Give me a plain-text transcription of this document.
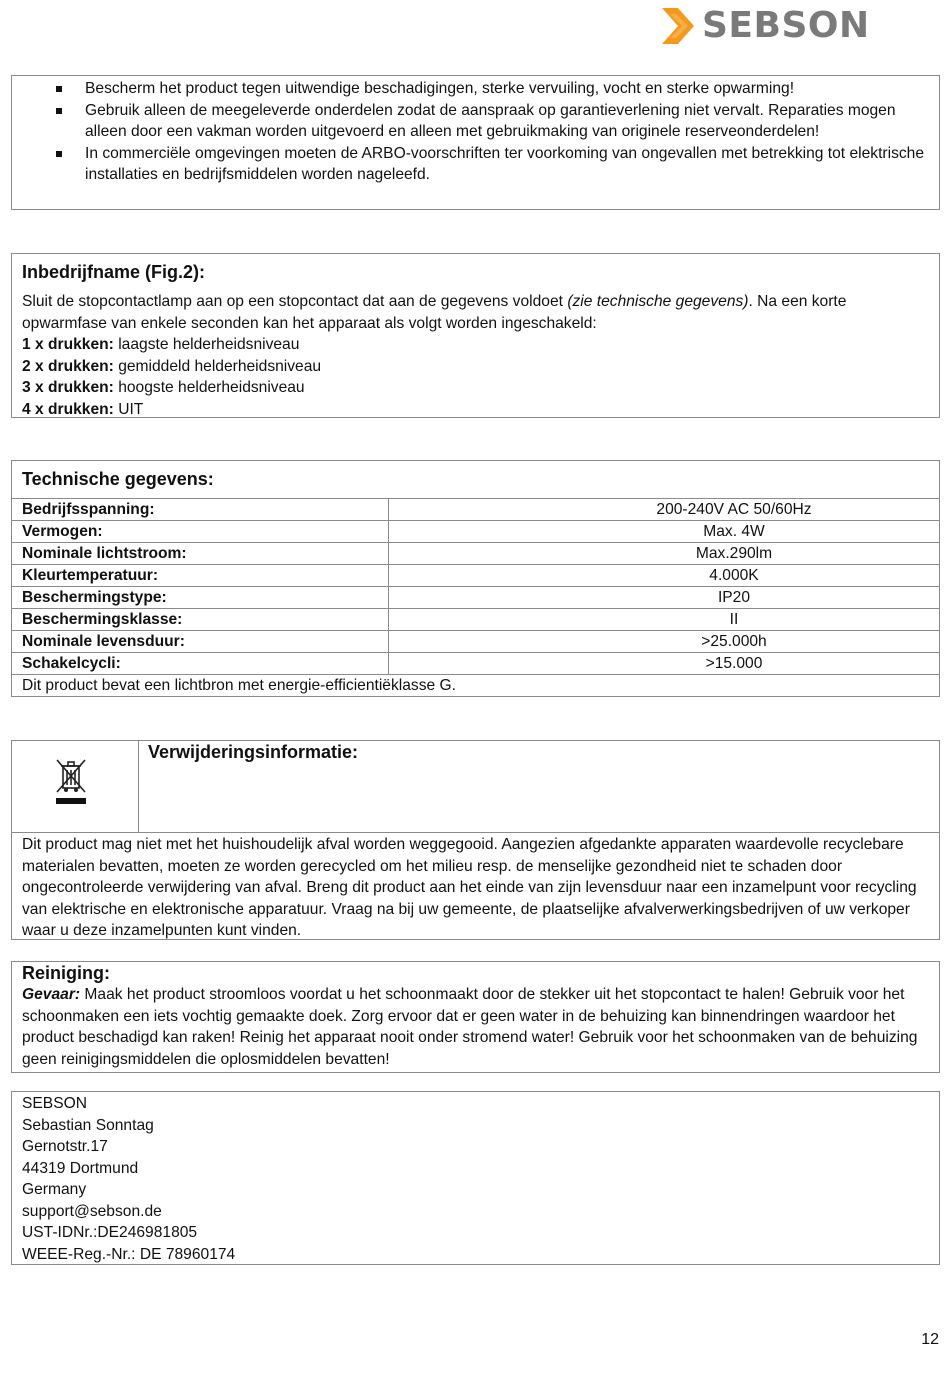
SEBSON
Bescherm het product tegen uitwendige beschadigingen, sterke vervuiling, vocht en sterke opwarming!
Gebruik alleen de meegeleverde onderdelen zodat de aanspraak op garantieverlening niet vervalt. Reparaties mogen alleen door een vakman worden uitgevoerd en alleen met gebruikmaking van originele reserveonderdelen!
In commerciële omgevingen moeten de ARBO-voorschriften ter voorkoming van ongevallen met betrekking tot elektrische installaties en bedrijfsmiddelen worden nageleefd.
Inbedrijfname (Fig.2):
Sluit de stopcontactlamp aan op een stopcontact dat aan de gegevens voldoet (zie technische gegevens). Na een korte opwarmfase van enkele seconden kan het apparaat als volgt worden ingeschakeld:
1 x drukken: laagste helderheidsniveau
2 x drukken: gemiddeld helderheidsniveau
3 x drukken: hoogste helderheidsniveau
4 x drukken: UIT
Technische gegevens:
Bedrijfsspanning:	200-240V AC 50/60Hz
Vermogen:	Max. 4W
Nominale lichtstroom:	Max.290lm
Kleurtemperatuur:	4.000K
Beschermingstype:	IP20
Beschermingsklasse:	II
Nominale levensduur:	>25.000h
Schakelcycli:	>15.000
Dit product bevat een lichtbron met energie-efficientiëklasse G.	
Verwijderingsinformatie:
Dit product mag niet met het huishoudelijk afval worden weggegooid. Aangezien afgedankte apparaten waardevolle recyclebare materialen bevatten, moeten ze worden gerecycled om het milieu resp. de menselijke gezondheid niet te schaden door ongecontroleerde verwijdering van afval. Breng dit product aan het einde van zijn levensduur naar een inzamelpunt voor recycling van elektrische en elektronische apparatuur. Vraag na bij uw gemeente, de plaatselijke afvalverwerkingsbedrijven of uw verkoper waar u deze inzamelpunten kunt vinden.
Reiniging:
Gevaar: Maak het product stroomloos voordat u het schoonmaakt door de stekker uit het stopcontact te halen! Gebruik voor het schoonmaken een iets vochtig gemaakte doek. Zorg ervoor dat er geen water in de behuizing kan binnendringen waardoor het product beschadigd kan raken! Reinig het apparaat nooit onder stromend water! Gebruik voor het schoonmaken van de behuizing geen reinigingsmiddelen die oplosmiddelen bevatten!
SEBSON
Sebastian Sonntag
Gernotstr.17
44319 Dortmund
Germany
support@sebson.de
UST-IDNr.:DE246981805
WEEE-Reg.-Nr.: DE 78960174
12
